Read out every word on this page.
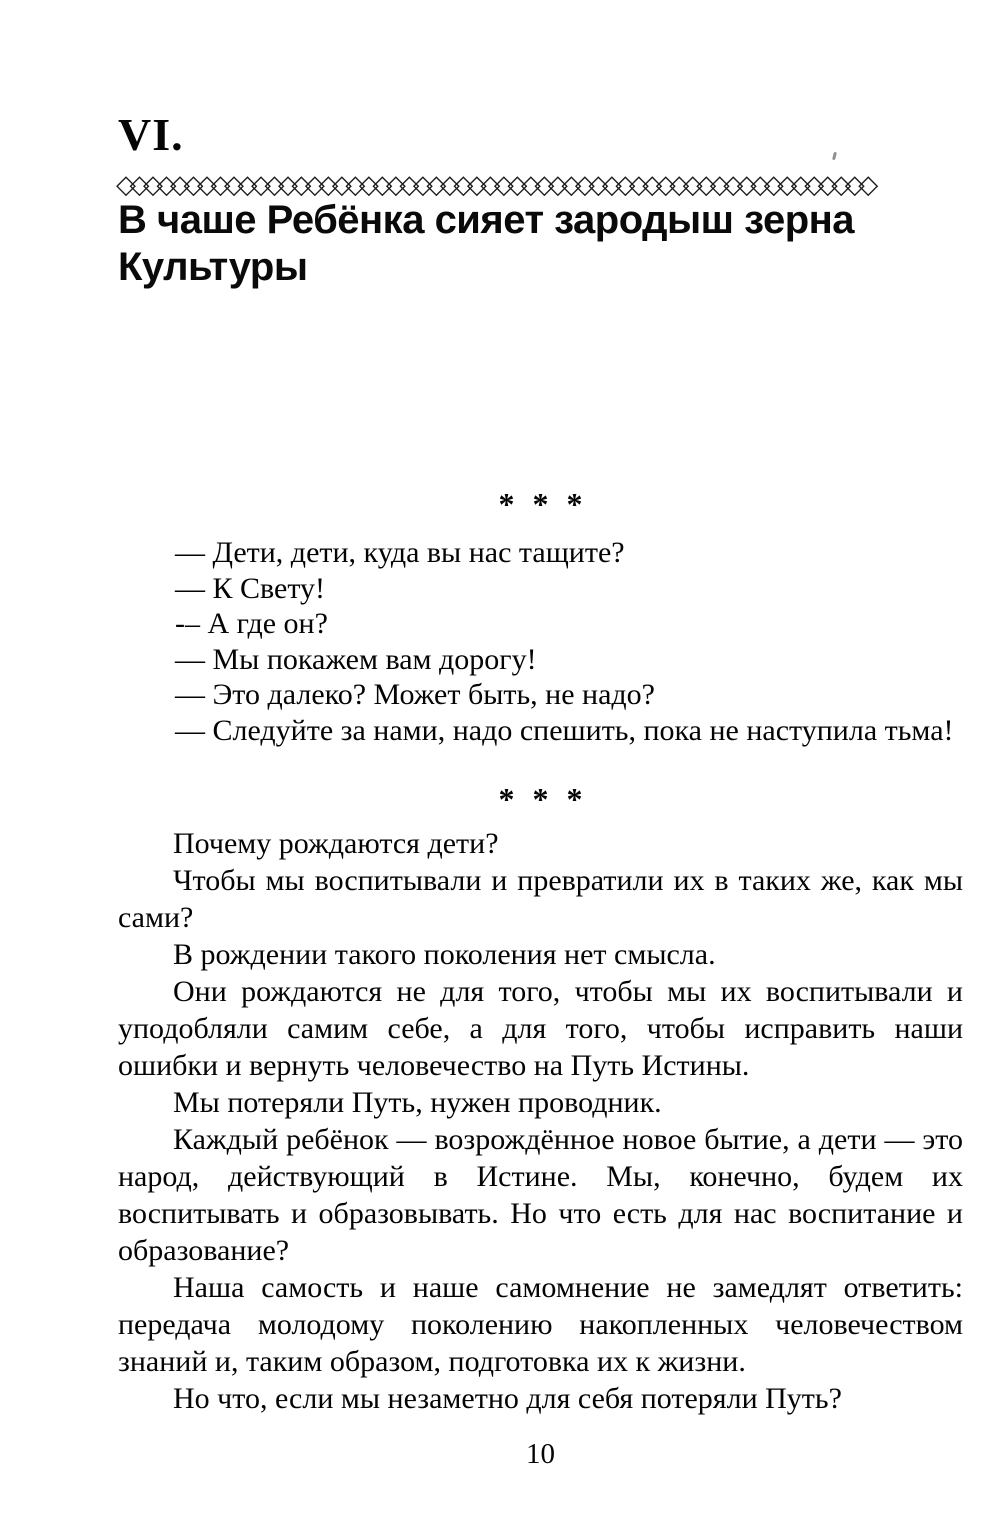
VI.
◇◇◇◇◇◇◇◇◇◇◇◇◇◇◇◇◇◇◇◇◇◇◇◇◇◇◇◇◇◇◇◇◇◇◇◇◇◇◇◇◇◇◇◇◇◇◇◇◇◇◇◇◇◇◇◇
В чаше Ребёнка сияет зародыш зерна Культуры
* * *
— Дети, дети, куда вы нас тащите?
— К Свету!
-– А где он?
— Мы покажем вам дорогу!
— Это далеко? Может быть, не надо?
— Следуйте за нами, надо спешить, пока не наступила тьма!
* * *

Почему рождаются дети?

Чтобы мы воспитывали и превратили их в таких же, как мы сами?

В рождении такого поколения нет смысла.

Они рождаются не для того, чтобы мы их воспитывали и уподобляли самим себе, а для того, чтобы исправить наши ошибки и вернуть человечество на Путь Истины.

Мы потеряли Путь, нужен проводник.

Каждый ребёнок — возрождённое новое бытие, а дети — это народ, действующий в Истине. Мы, конечно, будем их воспитывать и образовывать. Но что есть для нас воспитание и образование?

Наша самость и наше самомнение не замедлят ответить: передача молодому поколению накопленных человечеством знаний и, таким образом, подготовка их к жизни.

Но что, если мы незаметно для себя потеряли Путь?

10
